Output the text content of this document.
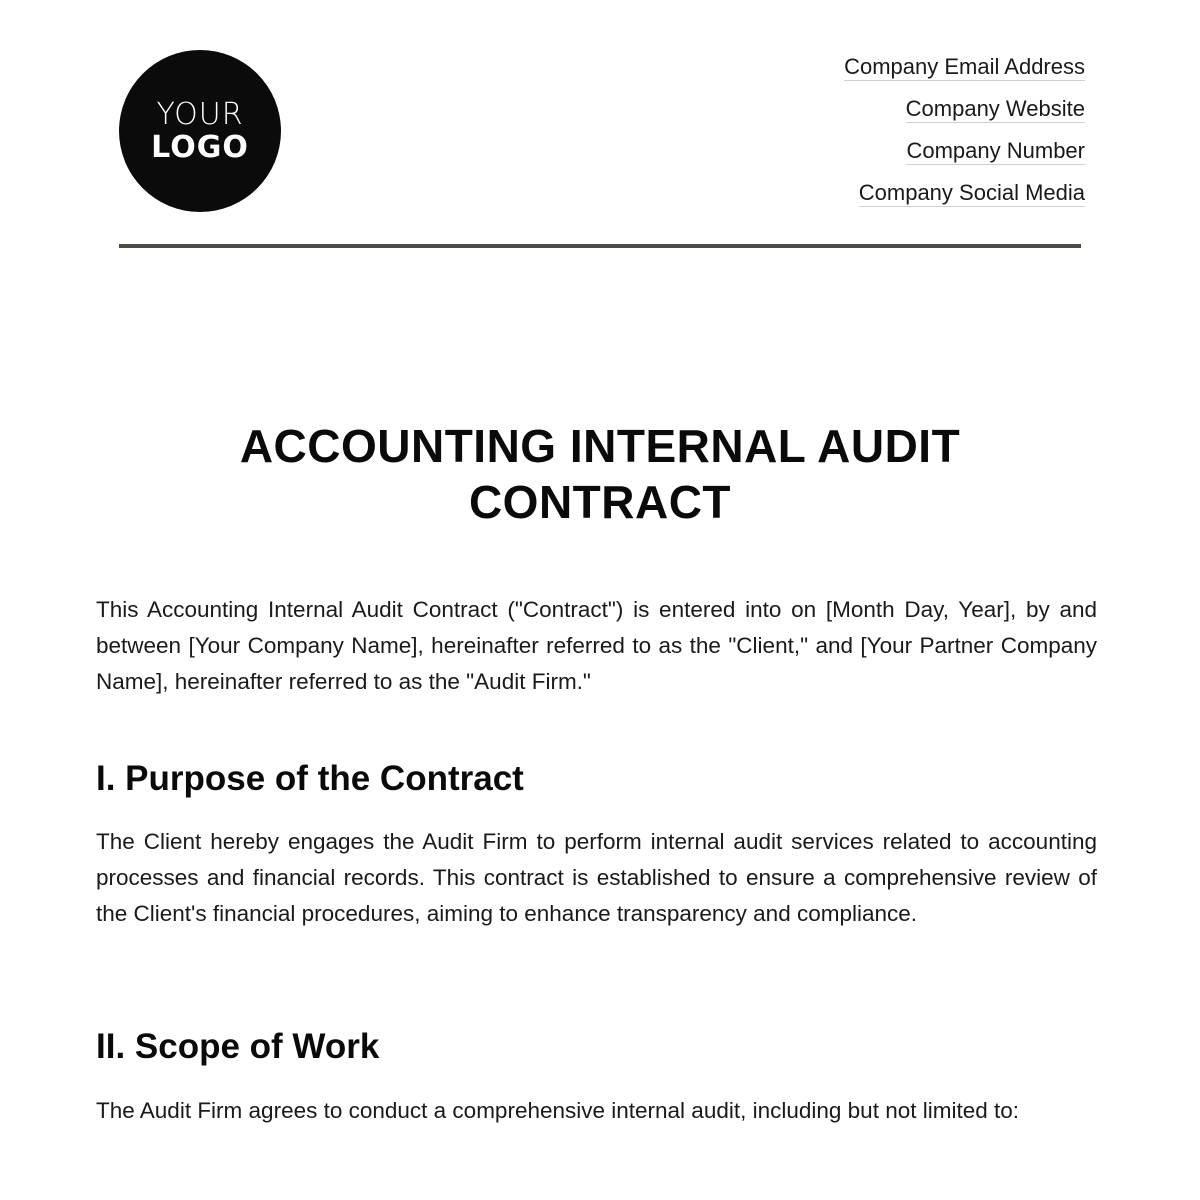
YOUR
LOGO
Company Email Address
Company Website
Company Number
Company Social Media
ACCOUNTING INTERNAL AUDIT
CONTRACT

This Accounting Internal Audit Contract ("Contract") is entered into on [Month Day, Year], by and between [Your Company Name], hereinafter referred to as the "Client," and [Your Partner Company Name], hereinafter referred to as the "Audit Firm."

I. Purpose of the Contract

The Client hereby engages the Audit Firm to perform internal audit services related to accounting processes and financial records. This contract is established to ensure a comprehensive review of the Client's financial procedures, aiming to enhance transparency and compliance.

II. Scope of Work

The Audit Firm agrees to conduct a comprehensive internal audit, including but not limited to:
